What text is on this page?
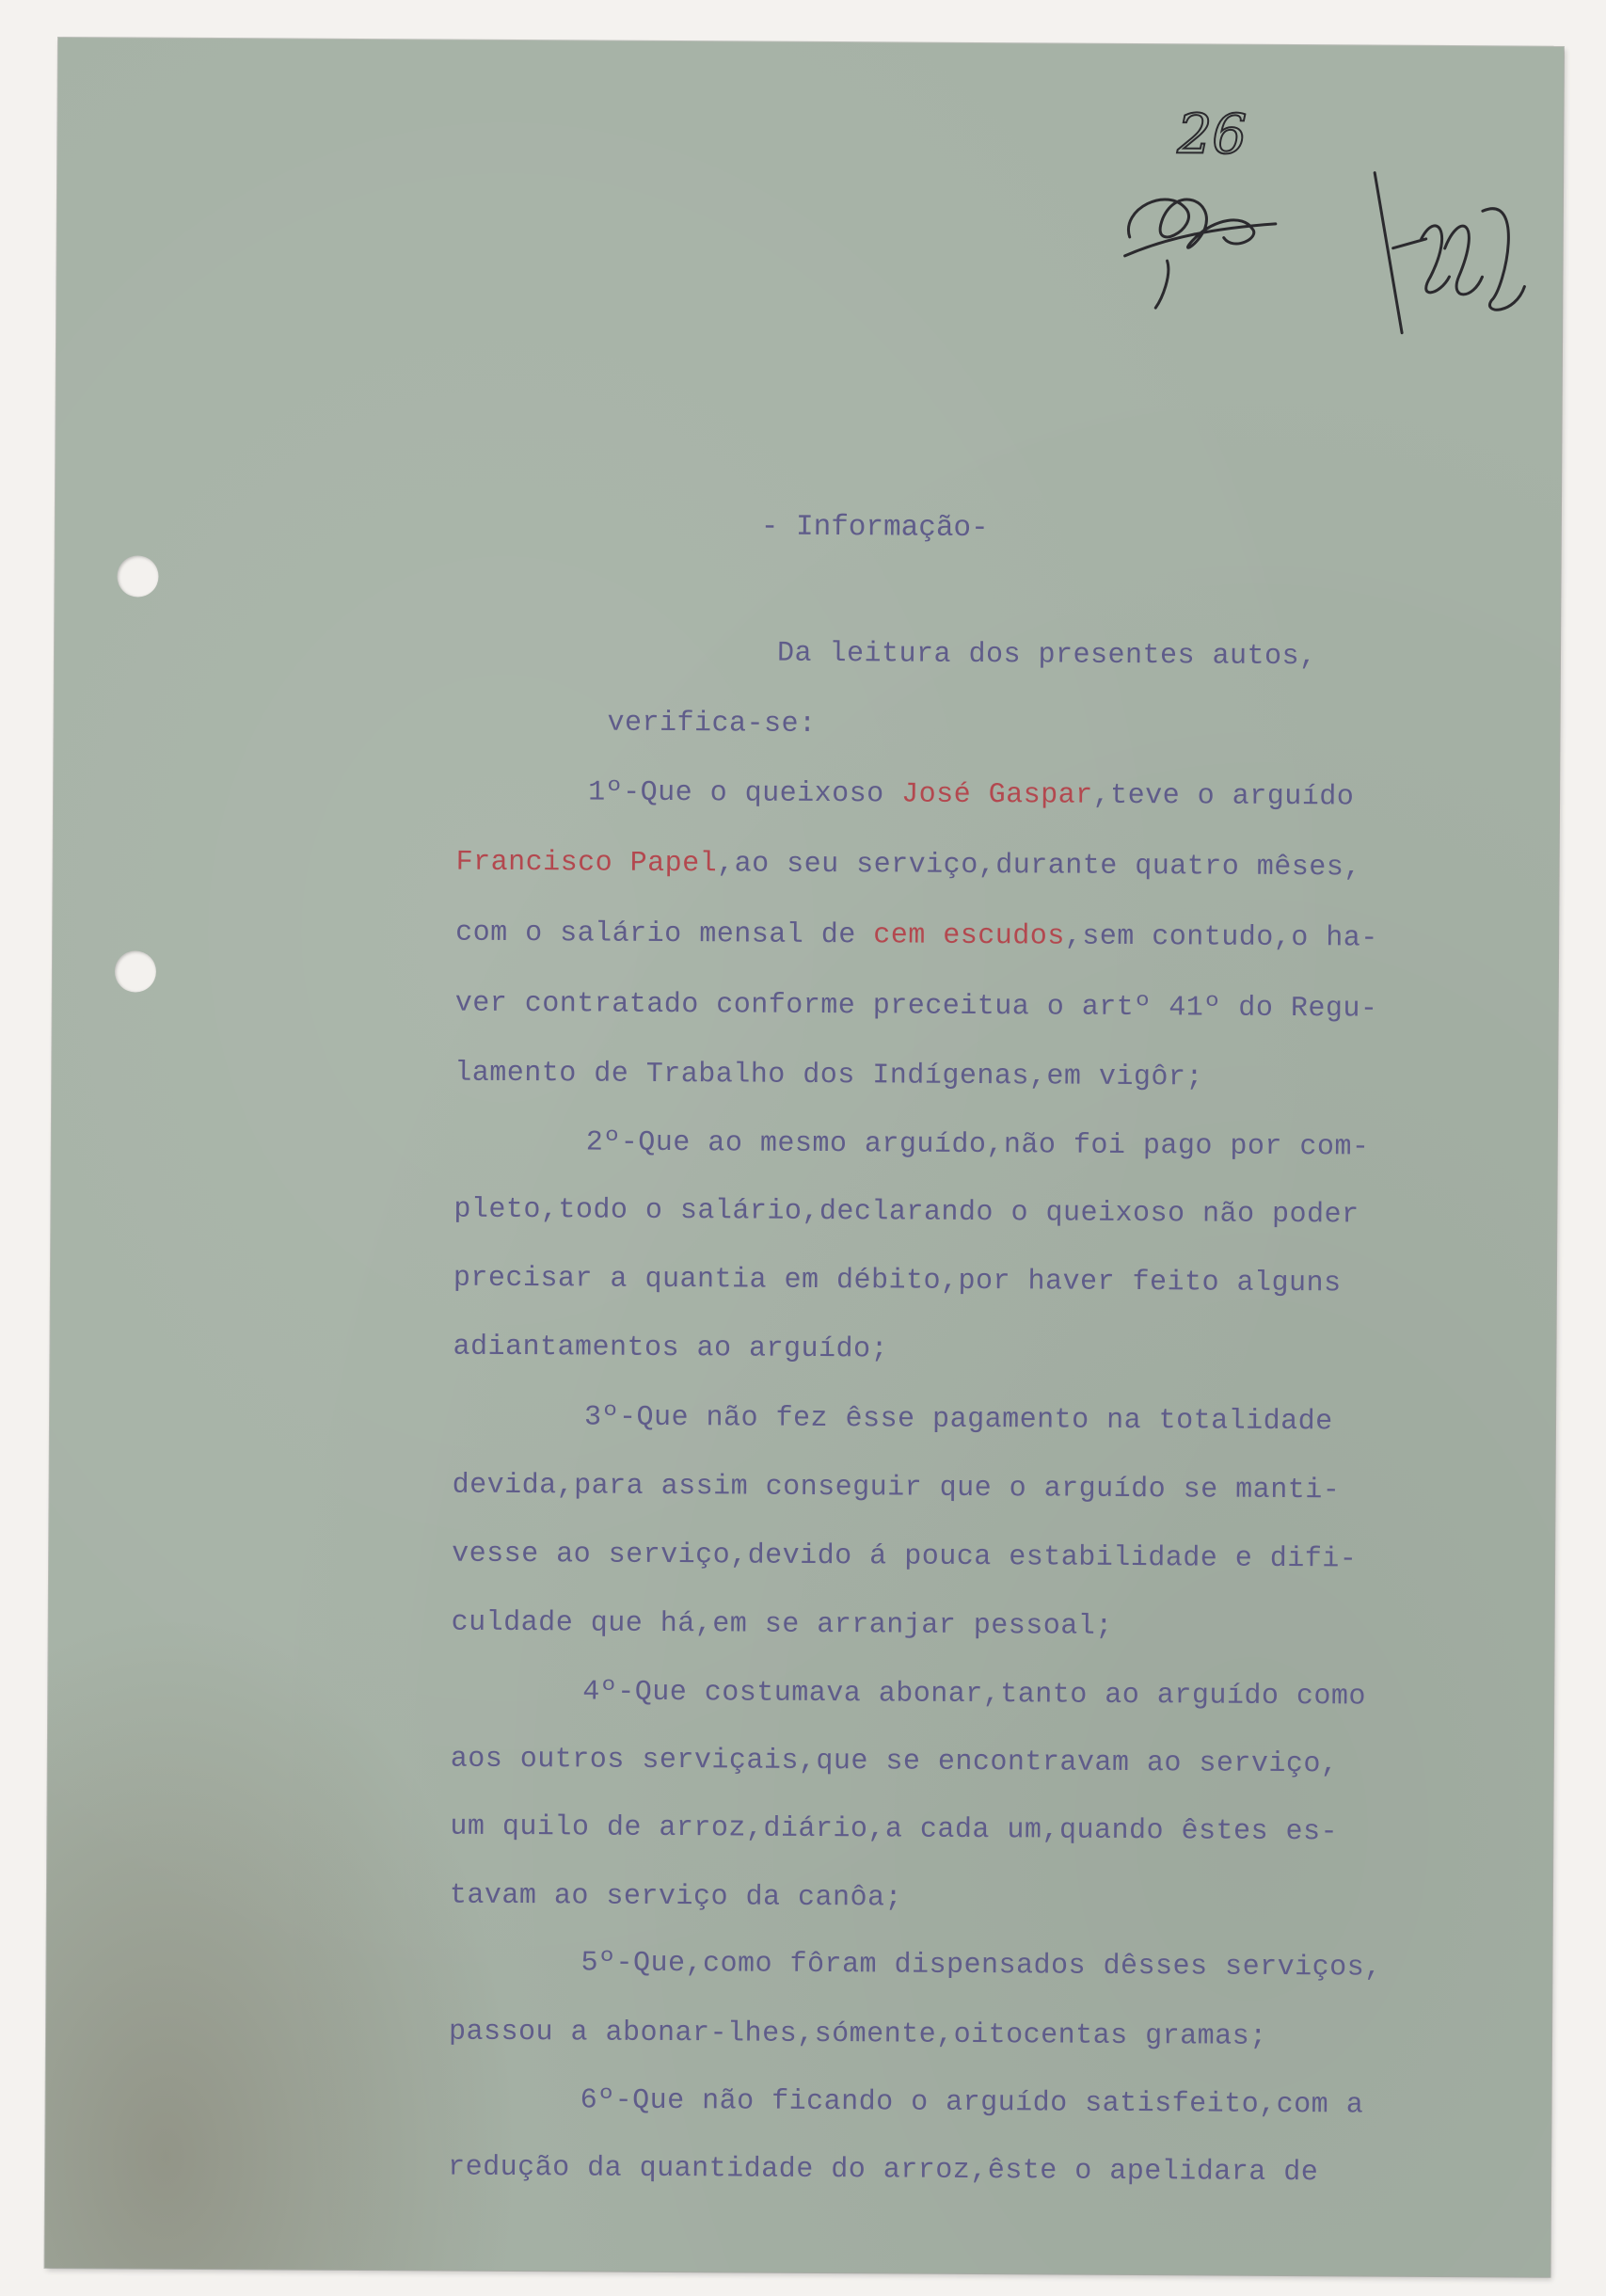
26
- Informação-
Da leitura dos presentes autos,
verifica-se:
1º-Que o queixoso José Gaspar,teve o arguído
Francisco Papel,ao seu serviço,durante quatro mêses,
com o salário mensal de cem escudos,sem contudo,o ha-
ver contratado conforme preceitua o artº 41º do Regu-
lamento de Trabalho dos Indígenas,em vigôr;
2º-Que ao mesmo arguído,não foi pago por com-
pleto,todo o salário,declarando o queixoso não poder
precisar a quantia em débito,por haver feito alguns
adiantamentos ao arguído;
3º-Que não fez êsse pagamento na totalidade
devida,para assim conseguir que o arguído se manti-
vesse ao serviço,devido á pouca estabilidade e difi-
culdade que há,em se arranjar pessoal;
4º-Que costumava abonar,tanto ao arguído como
aos outros serviçais,que se encontravam ao serviço,
um quilo de arroz,diário,a cada um,quando êstes es-
tavam ao serviço da canôa;
5º-Que,como fôram dispensados dêsses serviços,
passou a abonar-lhes,sómente,oitocentas gramas;
6º-Que não ficando o arguído satisfeito,com a
redução da quantidade do arroz,êste o apelidara de
